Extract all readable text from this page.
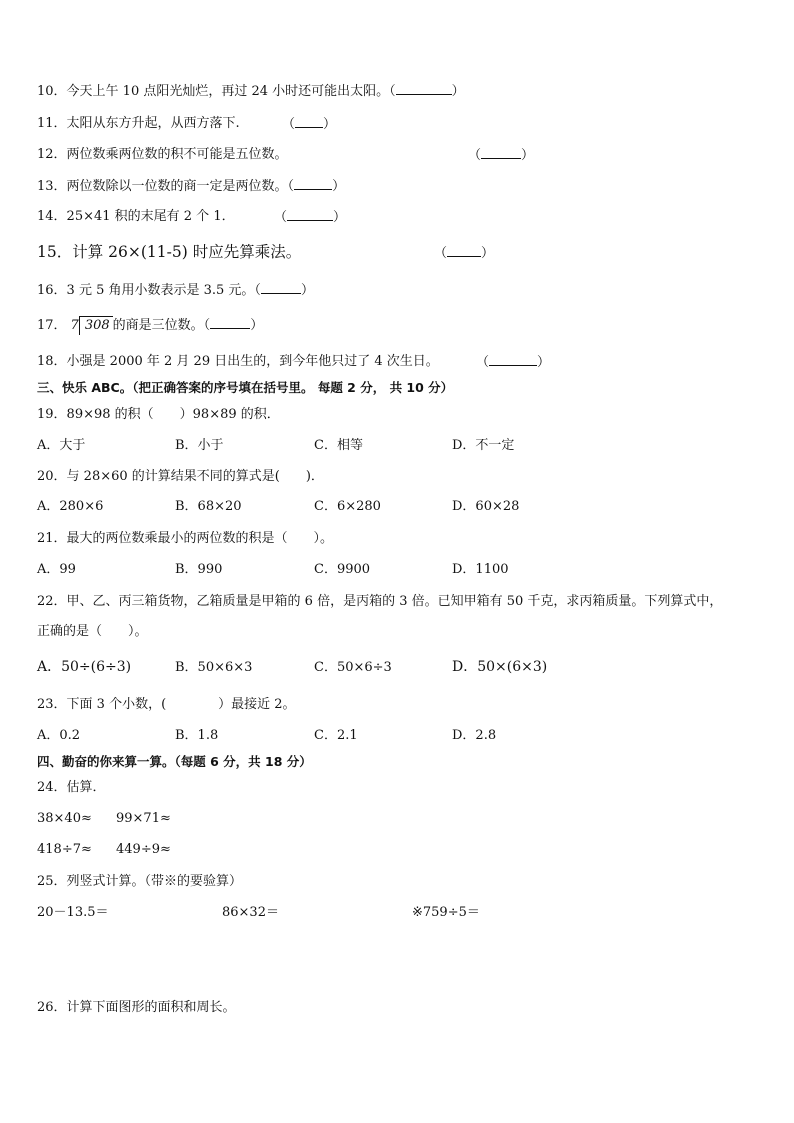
10．今天上午 10 点阳光灿烂，再过 24 小时还可能出太阳。（	）
11．太阳从东方升起，从西方落下.	（ ）
12．两位数乘两位数的积不可能是五位数。	（	）
13．两位数除以一位数的商一定是两位数。（	）
14．25×41 积的末尾有 2 个 1．	（	）
15．计算 26×(11-5) 时应先算乘法。	（	）
16．3 元 5 角用小数表示是 3.5 元。（	）
17． 7 308 的商是三位数。（	）
18．小强是 2000 年 2 月 29 日出生的，到今年他只过了 4 次生日。	（	）
三、快乐 ABC。（把正确答案的序号填在括号里。 每题 2 分， 共 10 分）
19．89×98 的积（　　）98×89 的积．
A．大于	B．小于	C．相等	D．不一定
20．与 28×60 的计算结果不同的算式是(　　)．
A．280×6	B．68×20	C．6×280	D．60×28
21．最大的两位数乘最小的两位数的积是（　　）。
A．99	B．990	C．9900	D．1100
22．甲、乙、丙三箱货物，乙箱质量是甲箱的 6 倍，是丙箱的 3 倍。已知甲箱有 50 千克，求丙箱质量。下列算式中，
正确的是（　　）。
A．50÷(6÷3)	B．50×6×3	C．50×6÷3	D．50×(6×3)
23．下面 3 个小数，(　　　　）最接近 2。
A．0.2	B．1.8	C．2.1	D．2.8
四、勤奋的你来算一算。（每题 6 分，共 18 分）
24．估算．
38×40≈ 99×71≈
418÷7≈ 449÷9≈
25．列竖式计算。（带※的要验算）
20－13.5＝	86×32＝	※759÷5＝
26．计算下面图形的面积和周长。
